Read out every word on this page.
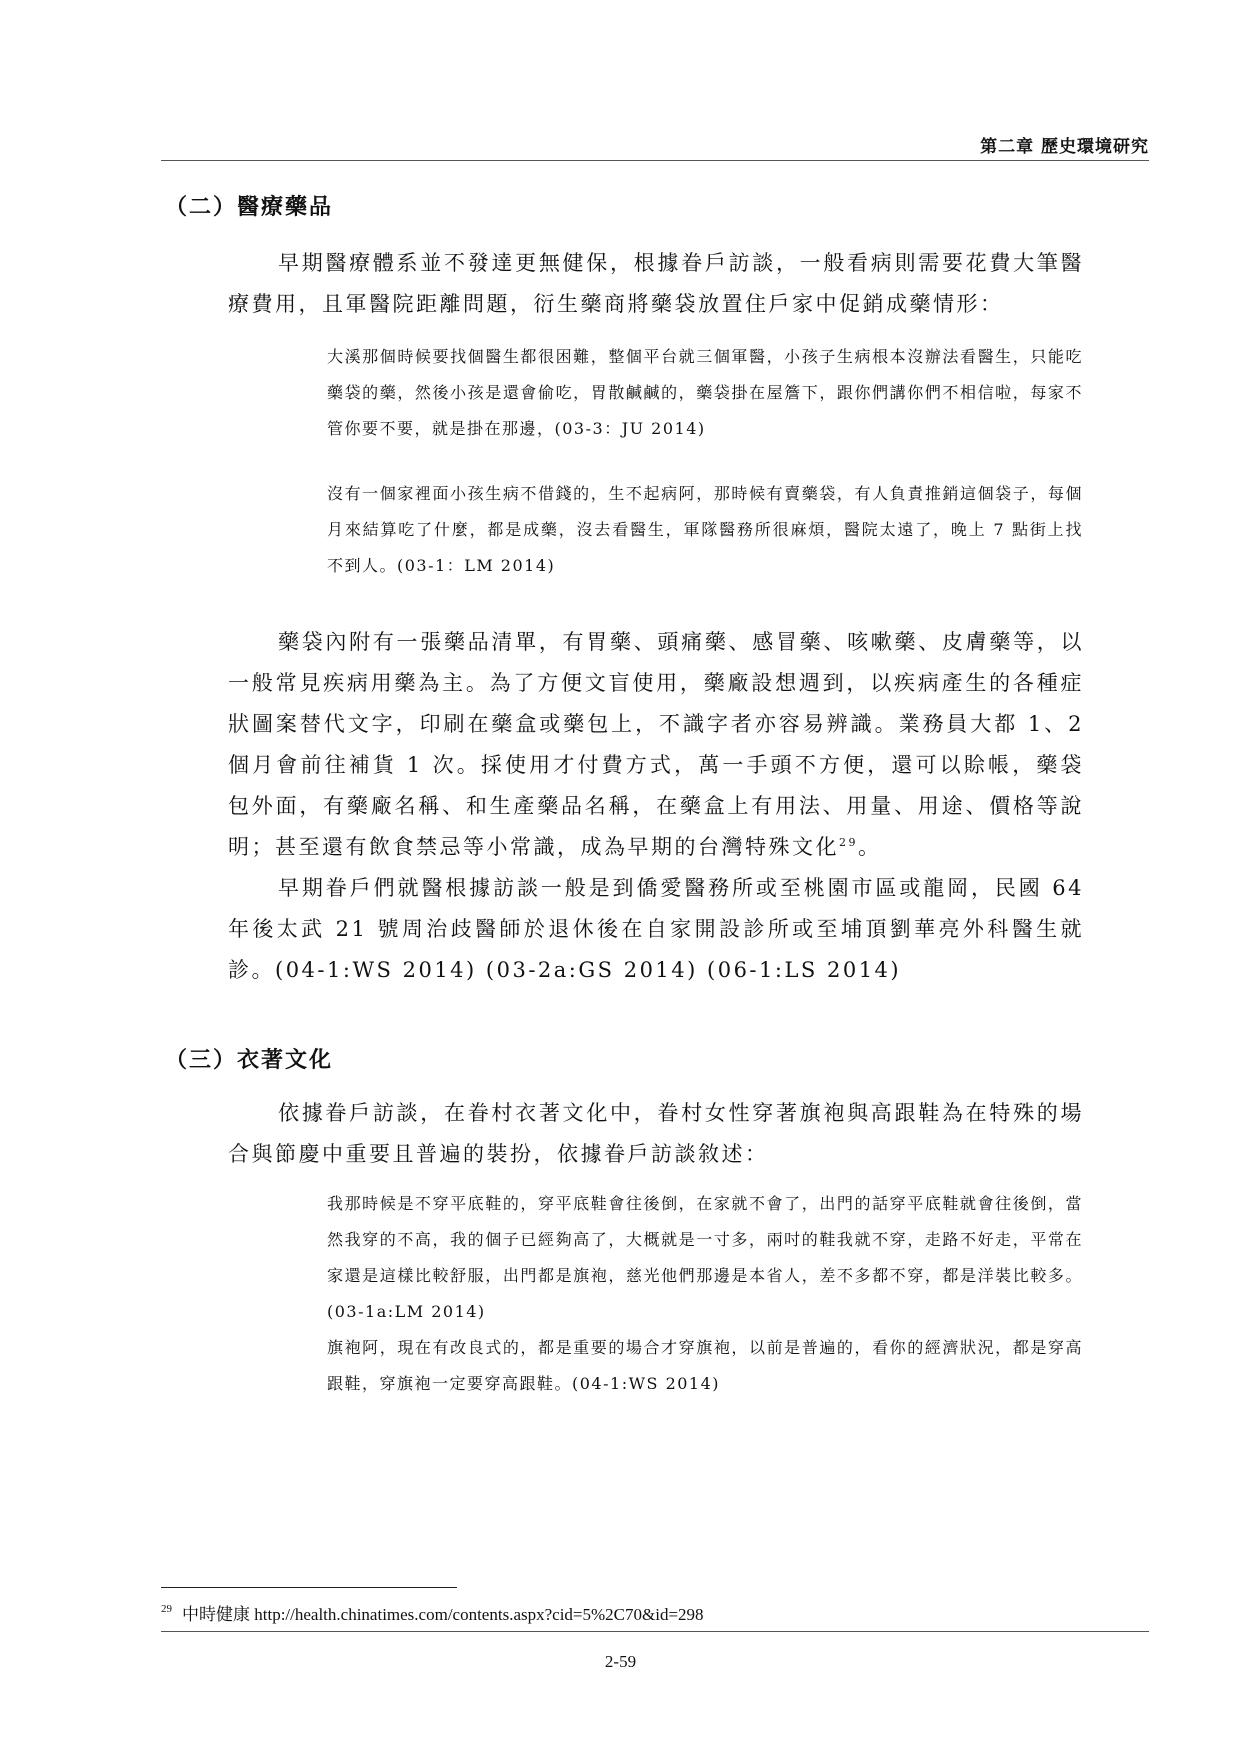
第二章 歷史環境研究
（二）醫療藥品

早期醫療體系並不發達更無健保，根據眷戶訪談，一般看病則需要花費大筆醫療費用，且軍醫院距離問題，衍生藥商將藥袋放置住戶家中促銷成藥情形：

大溪那個時候要找個醫生都很困難，整個平台就三個軍醫，小孩子生病根本沒辦法看醫生，只能吃藥袋的藥，然後小孩是還會偷吃，胃散鹹鹹的，藥袋掛在屋簷下，跟你們講你們不相信啦，每家不管你要不要，就是掛在那邊，(03-3：JU 2014)

沒有一個家裡面小孩生病不借錢的，生不起病阿，那時候有賣藥袋，有人負責推銷這個袋子，每個月來結算吃了什麼，都是成藥，沒去看醫生，軍隊醫務所很麻煩，醫院太遠了，晚上 7 點街上找不到人。(03-1：LM 2014)

藥袋內附有一張藥品清單，有胃藥、頭痛藥、感冒藥、咳嗽藥、皮膚藥等，以一般常見疾病用藥為主。為了方便文盲使用，藥廠設想週到，以疾病產生的各種症狀圖案替代文字，印刷在藥盒或藥包上，不識字者亦容易辨識。業務員大都 1、2 個月會前往補貨 1 次。採使用才付費方式，萬一手頭不方便，還可以賒帳，藥袋包外面，有藥廠名稱、和生產藥品名稱，在藥盒上有用法、用量、用途、價格等說明；甚至還有飲食禁忌等小常識，成為早期的台灣特殊文化$^{29}$。

早期眷戶們就醫根據訪談一般是到僑愛醫務所或至桃園市區或龍岡，民國 64 年後太武 21 號周治歧醫師於退休後在自家開設診所或至埔頂劉華亮外科醫生就診。(04-1:WS 2014) (03-2a:GS 2014) (06-1:LS 2014)

（三）衣著文化

依據眷戶訪談，在眷村衣著文化中，眷村女性穿著旗袍與高跟鞋為在特殊的場合與節慶中重要且普遍的裝扮，依據眷戶訪談敘述：

我那時候是不穿平底鞋的，穿平底鞋會往後倒，在家就不會了，出門的話穿平底鞋就會往後倒，當然我穿的不高，我的個子已經夠高了，大概就是一寸多，兩吋的鞋我就不穿，走路不好走，平常在家還是這樣比較舒服，出門都是旗袍，慈光他們那邊是本省人，差不多都不穿，都是洋裝比較多。(03-1a:LM 2014)

旗袍阿，現在有改良式的，都是重要的場合才穿旗袍，以前是普遍的，看你的經濟狀況，都是穿高跟鞋，穿旗袍一定要穿高跟鞋。(04-1:WS 2014)

$^{29}$ 中時健康 http://health.chinatimes.com/contents.aspx?cid=5%2C70&id=298
2-59
